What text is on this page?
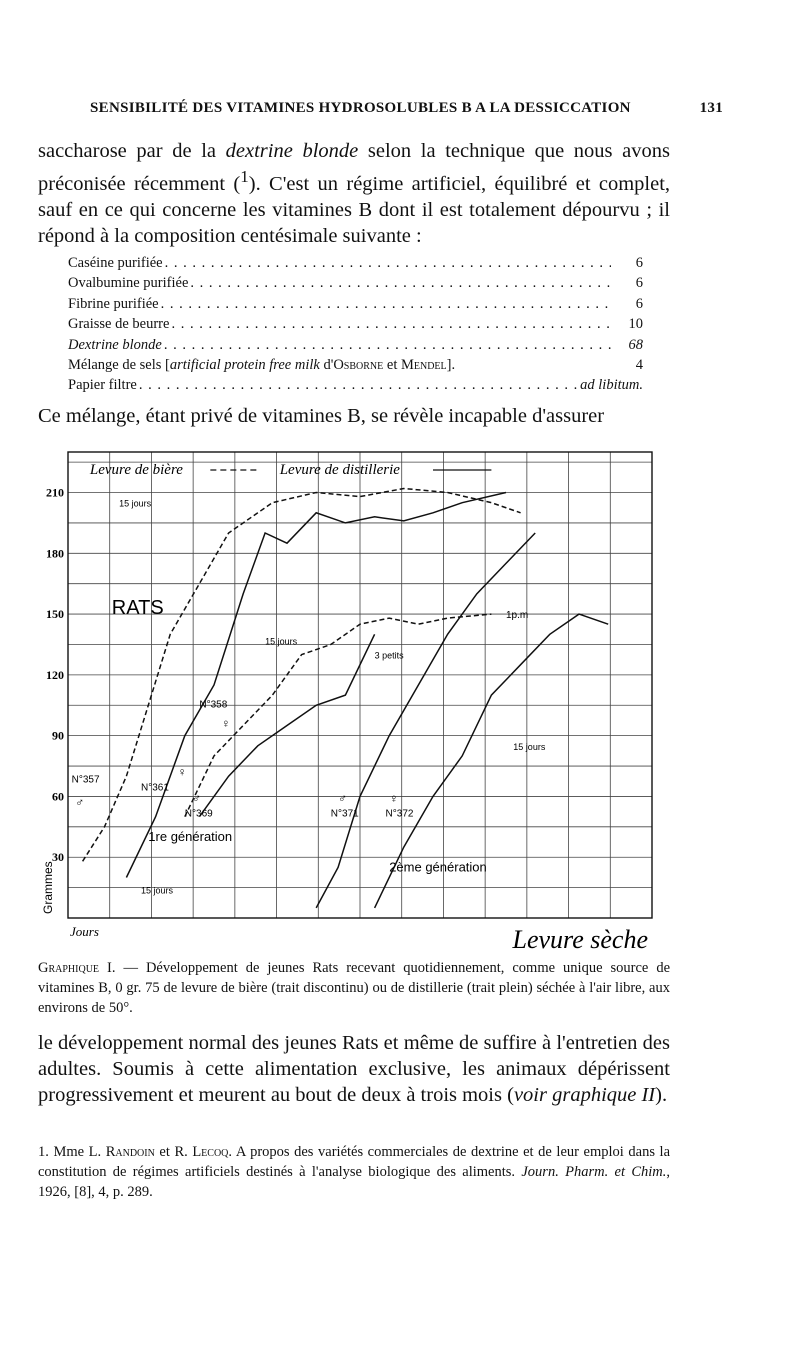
SENSIBILITÉ DES VITAMINES HYDROSOLUBLES B A LA DESSICCATION	131
saccharose par de la dextrine blonde selon la technique que nous avons préconisée récemment ($^1$). C'est un régime artificiel, équilibré et complet, sauf en ce qui concerne les vitamines B dont il est totalement dépourvu ; il répond à la composition centésimale suivante :
Caséine purifiée . . .	6
Ovalbumine purifiée . . .	6
Fibrine purifiée . . .	6
Graisse de beurre . . .	10
Dextrine blonde . . .	68
Mélange de sels [artificial protein free milk d'Osborne et Mendel].	4
Papier filtre . . .	ad libitum.
Ce mélange, étant privé de vitamines B, se révèle incapable d'assurer
30
60
90
120
150
180
210
Grammes
Jours	Levure sèche
Levure de bière	Levure de distillerie
RATS
15 jours
15 jours
15 jours
15 jours
3 petits
N°357
N°361
N°369
N°358
N°371	N°372
♂
♀
♂
♀
♂	♀
1re génération
2ème génération
1p.m
Graphique I. — Développement de jeunes Rats recevant quotidiennement, comme unique source de vitamines B, 0 gr. 75 de levure de bière (trait discontinu) ou de distillerie (trait plein) séchée à l'air libre, aux environs de 50°.
le développement normal des jeunes Rats et même de suffire à l'entretien des adultes. Soumis à cette alimentation exclusive, les animaux dépérissent progressivement et meurent au bout de deux à trois mois (voir graphique II).
1. Mme L. Randoin et R. Lecoq. A propos des variétés commerciales de dextrine et de leur emploi dans la constitution de régimes artificiels destinés à l'analyse biologique des aliments. Journ. Pharm. et Chim., 1926, [8], 4, p. 289.
